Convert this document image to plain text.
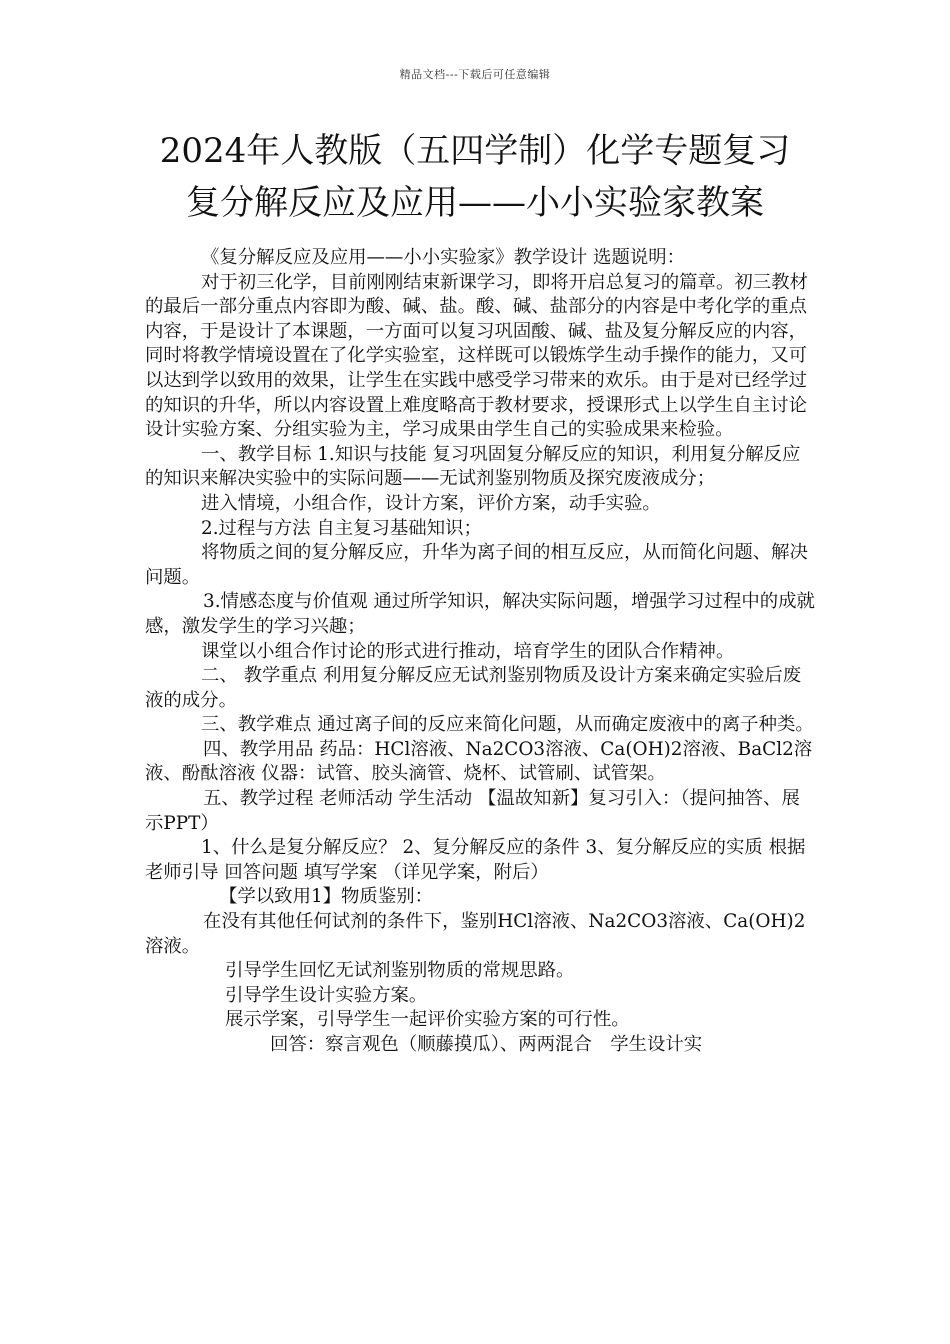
精品文档---下载后可任意编辑
2024年人教版（五四学制）化学专题复习
复分解反应及应用——小小实验家教案

《复分解反应及应用——小小实验家》教学设计 选题说明：

对于初三化学，目前刚刚结束新课学习，即将开启总复习的篇章。初三教材的最后一部分重点内容即为酸、碱、盐。酸、碱、盐部分的内容是中考化学的重点内容，于是设计了本课题，一方面可以复习巩固酸、碱、盐及复分解反应的内容，同时将教学情境设置在了化学实验室，这样既可以锻炼学生动手操作的能力，又可以达到学以致用的效果，让学生在实践中感受学习带来的欢乐。由于是对已经学过的知识的升华，所以内容设置上难度略高于教材要求，授课形式上以学生自主讨论设计实验方案、分组实验为主，学习成果由学生自己的实验成果来检验。

一、教学目标 1.知识与技能 复习巩固复分解反应的知识，利用复分解反应的知识来解决实验中的实际问题——无试剂鉴别物质及探究废液成分；

进入情境，小组合作，设计方案，评价方案，动手实验。

2.过程与方法 自主复习基础知识；

将物质之间的复分解反应，升华为离子间的相互反应，从而简化问题、解决问题。

3.情感态度与价值观 通过所学知识，解决实际问题，增强学习过程中的成就感，激发学生的学习兴趣；

课堂以小组合作讨论的形式进行推动，培育学生的团队合作精神。

二、 教学重点 利用复分解反应无试剂鉴别物质及设计方案来确定实验后废液的成分。

三、教学难点 通过离子间的反应来简化问题，从而确定废液中的离子种类。

四、教学用品 药品：HCl溶液、Na2CO3溶液、Ca(OH)2溶液、BaCl2溶液、酚酞溶液 仪器：试管、胶头滴管、烧杯、试管刷、试管架。

五、教学过程 老师活动 学生活动 【温故知新】复习引入：（提问抽答、展示PPT）

1、什么是复分解反应？ 2、复分解反应的条件 3、复分解反应的实质 根据老师引导 回答问题 填写学案 （详见学案，附后）

【学以致用1】物质鉴别：

在没有其他任何试剂的条件下，鉴别HCl溶液、Na2CO3溶液、Ca(OH)2溶液。

引导学生回忆无试剂鉴别物质的常规思路。

引导学生设计实验方案。

展示学案，引导学生一起评价实验方案的可行性。

回答：察言观色（顺藤摸瓜）、两两混合　学生设计实
